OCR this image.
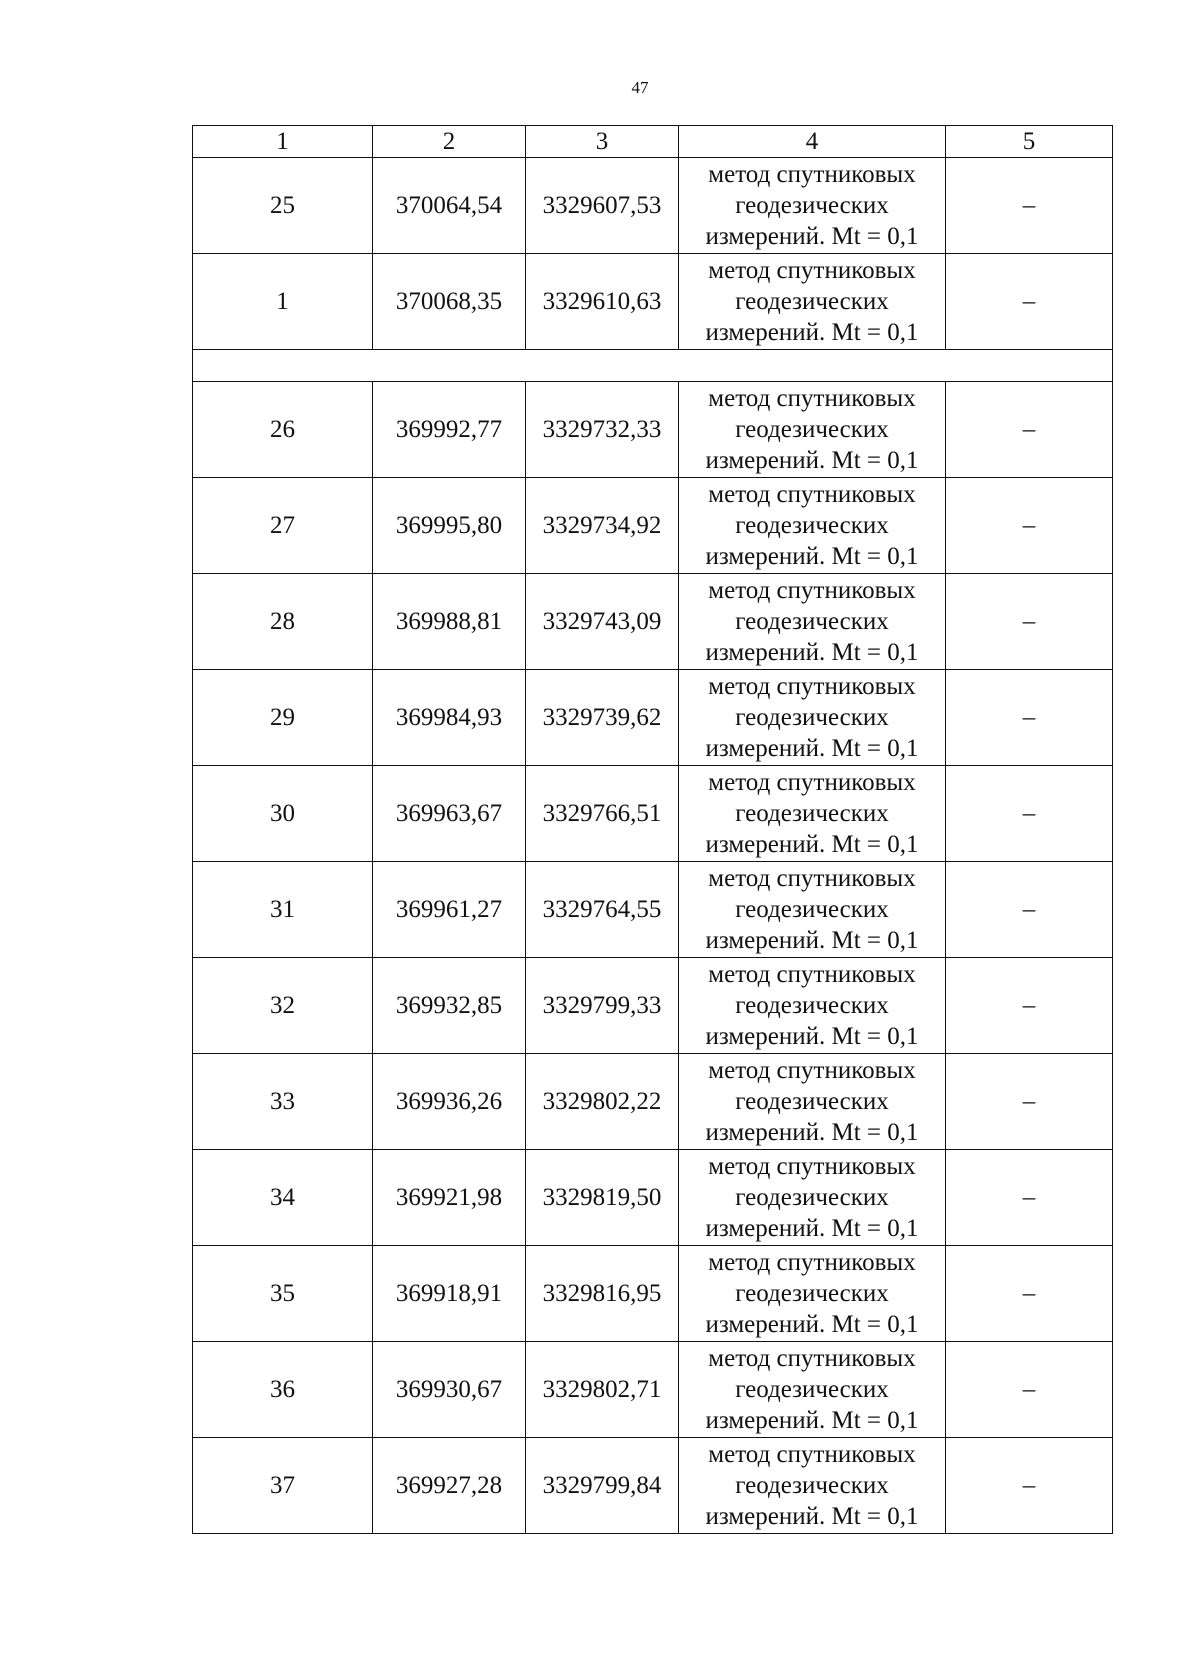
47
1	2	3	4	5
25	370064,54	3329607,53	метод спутниковых
геодезических
измерений. Mt = 0,1	–
1	370068,35	3329610,63	метод спутниковых
геодезических
измерений. Mt = 0,1	–

26	369992,77	3329732,33	метод спутниковых
геодезических
измерений. Mt = 0,1	–
27	369995,80	3329734,92	метод спутниковых
геодезических
измерений. Mt = 0,1	–
28	369988,81	3329743,09	метод спутниковых
геодезических
измерений. Mt = 0,1	–
29	369984,93	3329739,62	метод спутниковых
геодезических
измерений. Mt = 0,1	–
30	369963,67	3329766,51	метод спутниковых
геодезических
измерений. Mt = 0,1	–
31	369961,27	3329764,55	метод спутниковых
геодезических
измерений. Mt = 0,1	–
32	369932,85	3329799,33	метод спутниковых
геодезических
измерений. Mt = 0,1	–
33	369936,26	3329802,22	метод спутниковых
геодезических
измерений. Mt = 0,1	–
34	369921,98	3329819,50	метод спутниковых
геодезических
измерений. Mt = 0,1	–
35	369918,91	3329816,95	метод спутниковых
геодезических
измерений. Mt = 0,1	–
36	369930,67	3329802,71	метод спутниковых
геодезических
измерений. Mt = 0,1	–
37	369927,28	3329799,84	метод спутниковых
геодезических
измерений. Mt = 0,1	–
